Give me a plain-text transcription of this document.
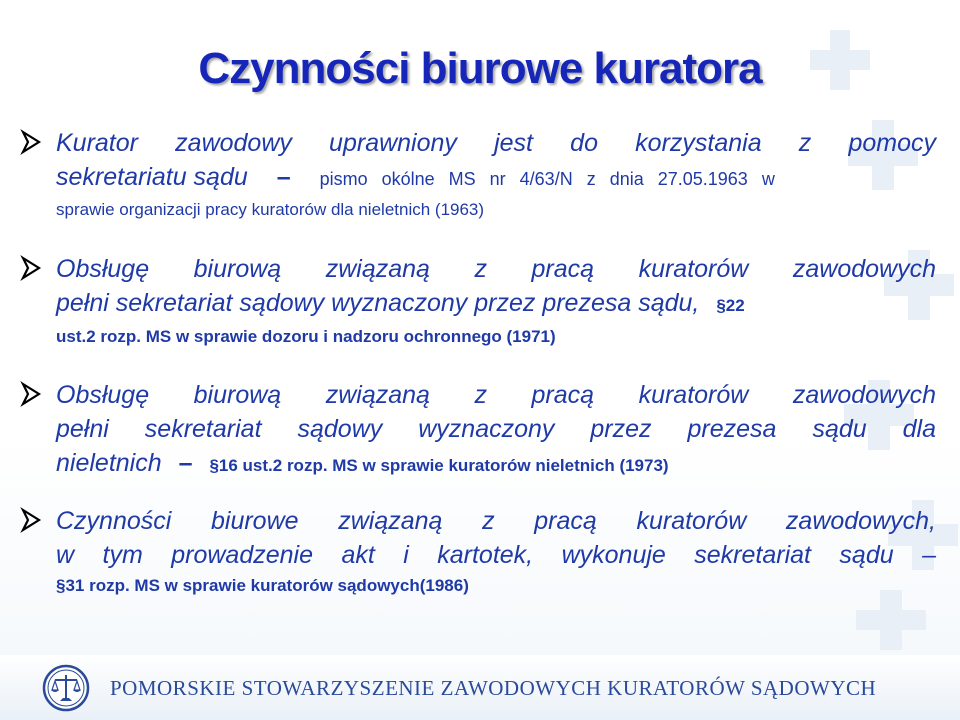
Czynności biurowe kuratora
Kurator zawodowy uprawniony jest do korzystania z pomocy
sekretariatu sądu – pismo okólne MS nr 4/63/N z dnia 27.05.1963 w
sprawie organizacji pracy kuratorów dla nieletnich (1963)
Obsługę biurową związaną z pracą kuratorów zawodowych
pełni sekretariat sądowy wyznaczony przez prezesa sądu, §22
ust.2 rozp. MS w sprawie dozoru i nadzoru ochronnego (1971)
Obsługę biurową związaną z pracą kuratorów zawodowych
pełni sekretariat sądowy wyznaczony przez prezesa sądu dla
nieletnich – §16 ust.2 rozp. MS w sprawie kuratorów nieletnich (1973)
Czynności biurowe związaną z pracą kuratorów zawodowych,
w tym prowadzenie akt i kartotek, wykonuje sekretariat sądu –
§31 rozp. MS w sprawie kuratorów sądowych(1986)
POMORSKIE STOWARZYSZENIE ZAWODOWYCH KURATORÓW SĄDOWYCH
